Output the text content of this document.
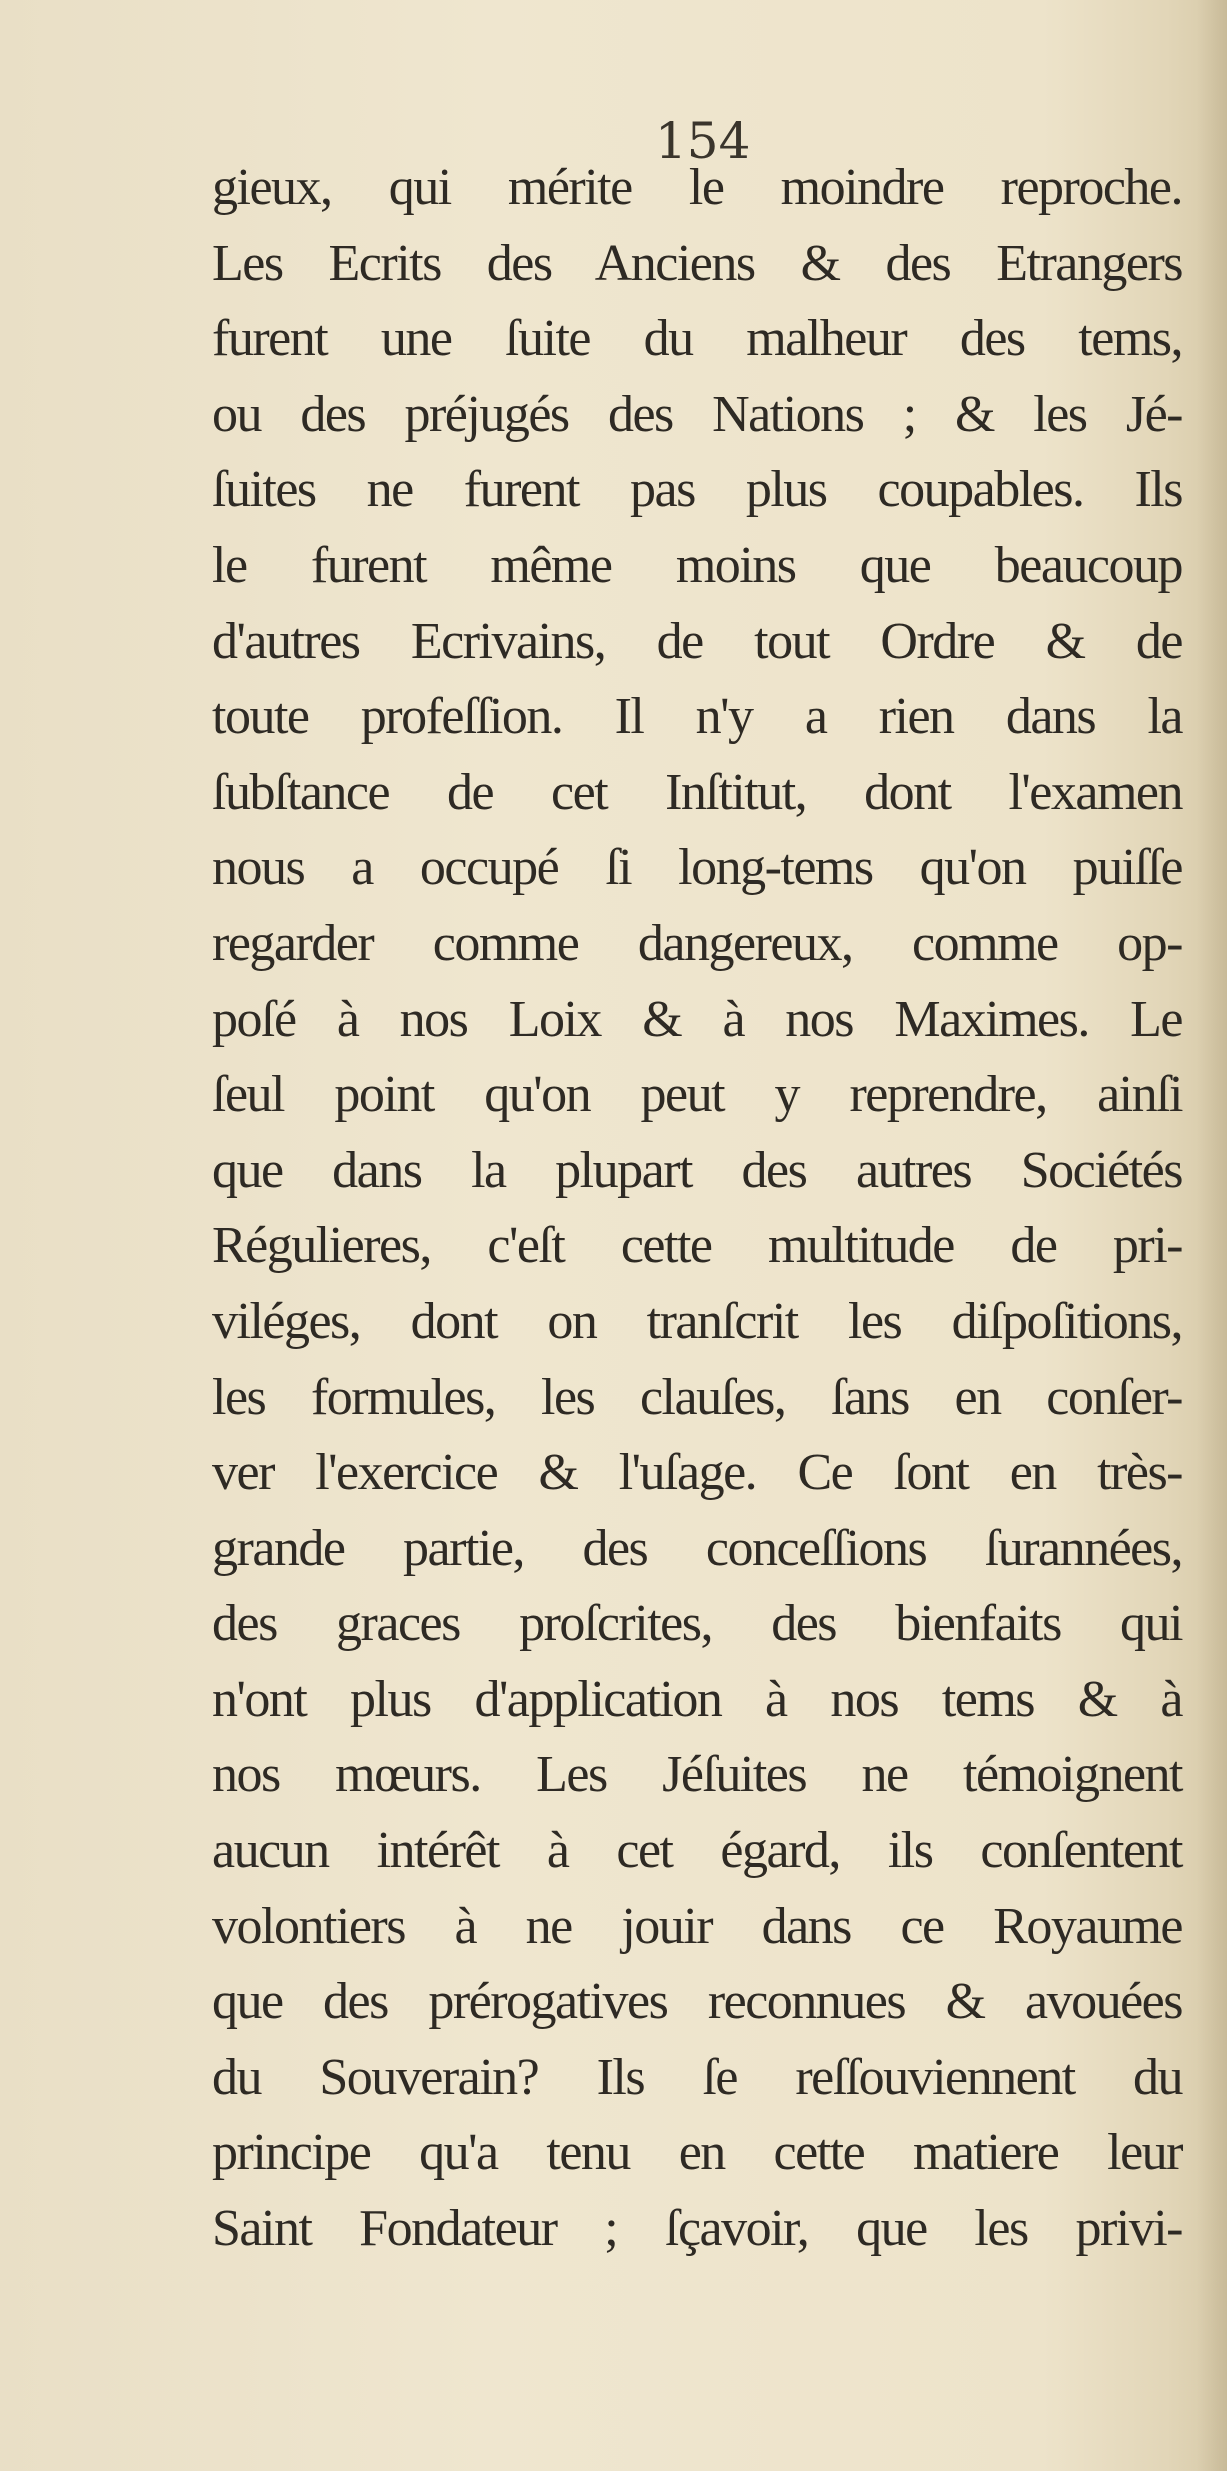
154
gieux, qui mérite le moindre reproche.
Les Ecrits des Anciens & des Etrangers
furent une ſuite du malheur des tems,
ou des préjugés des Nations ; & les Jé-
ſuites ne furent pas plus coupables. Ils
le furent même moins que beaucoup
d'autres Ecrivains, de tout Ordre & de
toute profeſſion. Il n'y a rien dans la
ſubſtance de cet Inſtitut, dont l'examen
nous a occupé ſi long-tems qu'on puiſſe
regarder comme dangereux, comme op-
poſé à nos Loix & à nos Maximes. Le
ſeul point qu'on peut y reprendre, ainſi
que dans la plupart des autres Sociétés
Régulieres, c'eſt cette multitude de pri-
viléges, dont on tranſcrit les diſpoſitions,
les formules, les clauſes, ſans en conſer-
ver l'exercice & l'uſage. Ce ſont en très-
grande partie, des conceſſions ſurannées,
des graces proſcrites, des bienfaits qui
n'ont plus d'application à nos tems & à
nos mœurs. Les Jéſuites ne témoignent
aucun intérêt à cet égard, ils conſentent
volontiers à ne jouir dans ce Royaume
que des prérogatives reconnues & avouées
du Souverain? Ils ſe reſſouviennent du
principe qu'a tenu en cette matiere leur
Saint Fondateur ; ſçavoir, que les privi-
